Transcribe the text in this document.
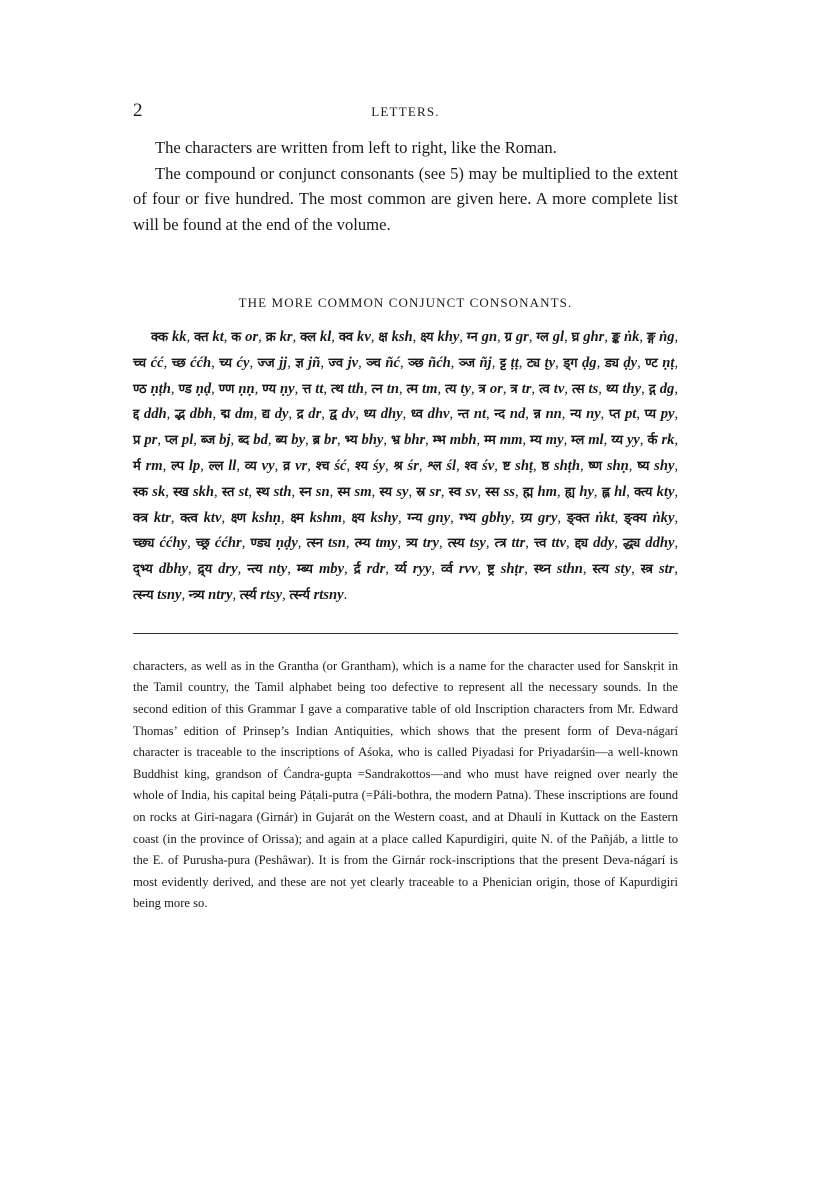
2	LETTERS.

The characters are written from left to right, like the Roman.

The compound or conjunct consonants (see 5) may be multiplied to the extent of four or five hundred. The most common are given here. A more complete list will be found at the end of the volume.

THE MORE COMMON CONJUNCT CONSONANTS.
क्क kk, क्त kt, क or, क्र kr, क्ल kl, क्व kv, क्ष ksh, क्ष्य khy, ग्न gn, ग्र gr, ग्ल gl, घ्र ghr, ङ्क ṅk, ङ्ग ṅg, च्च ćć, च्छ ććh, च्य ćy, ज्ज jj, ज्ञ jñ, ज्व jv, ञ्च ñć, ञ्छ ñćh, ञ्ज ñj, ट्ट ṭṭ, ट्य ṭy, ड्ग ḍg, ड्य ḍy, ण्ट ṇṭ, ण्ठ ṇṭh, ण्ड ṇḍ, ण्ण ṇṇ, ण्य ṇy, त्त tt, त्थ tth, त्न tn, त्म tm, त्य ty, त्र or, त्र tr, त्व tv, त्स ts, थ्य thy, द्ग dg, द्द ddh, द्भ dbh, द्म dm, द्य dy, द्र dr, द्व dv, ध्य dhy, ध्व dhv, न्त nt, न्द nd, न्न nn, न्य ny, प्त pt, प्य py, प्र pr, प्ल pl, ब्ज bj, ब्द bd, ब्य by, ब्र br, भ्य bhy, भ्र bhr, म्भ mbh, म्म mm, म्य my, म्ल ml, य्य yy, र्क rk, र्म rm, ल्प lp, ल्ल ll, व्य vy, व्र vr, श्च ść, श्य śy, श्र śr, श्ल śl, श्व śv, ष्ट shṭ, ष्ठ shṭh, ष्ण shṇ, ष्य shy, स्क sk, स्ख skh, स्त st, स्थ sth, स्न sn, स्म sm, स्य sy, स्र sr, स्व sv, स्स ss, ह्म hm, ह्य hy, ह्ल hl, क्त्य kty, क्त्र ktr, क्त्व ktv, क्ष्ण kshṇ, क्ष्म kshm, क्ष्य kshy, ग्न्य gny, ग्भ्य gbhy, ग्र्य gry, ङ्क्त ṅkt, ङ्क्य ṅky, च्छ्य ććhy, च्छ्र ććhr, ण्ड्य ṇḍy, त्स्न tsn, त्म्य tmy, त्र्य try, त्स्य tsy, त्त्र ttr, त्त्व ttv, द्द्य ddy, द्ध्य ddhy, द्भ्य dbhy, द्र्य dry, न्त्य nty, म्ब्य mby, र्द्र rdr, र्य्य ryy, र्व्व rvv, ष्ट्र shṭr, स्थ्न sthn, स्त्य sty, स्त्र str, त्स्न्य tsny, न्त्र्य ntry, र्त्स्य rtsy, र्त्स्न्य rtsny.

characters, as well as in the Grantha (or Grantham), which is a name for the character used for Sanskṛit in the Tamil country, the Tamil alphabet being too defective to represent all the necessary sounds. In the second edition of this Grammar I gave a comparative table of old Inscription characters from Mr. Edward Thomas’ edition of Prinsep’s Indian Antiquities, which shows that the present form of Deva-nágarí character is traceable to the inscriptions of Aśoka, who is called Piyadasi for Priyadarśin—a well-known Buddhist king, grandson of Ćandra-gupta =Sandrakottos—and who must have reigned over nearly the whole of India, his capital being Páṭali-putra (=Páli-bothra, the modern Patna). These inscriptions are found on rocks at Giri-nagara (Girnár) in Gujarát on the Western coast, and at Dhaulí in Kuttack on the Eastern coast (in the province of Orissa); and again at a place called Kapurdigiri, quite N. of the Pañjáb, a little to the E. of Purusha-pura (Peshâwar). It is from the Girnár rock-inscriptions that the present Deva-nágarí is most evidently derived, and these are not yet clearly traceable to a Phenician origin, those of Kapurdigiri being more so.
